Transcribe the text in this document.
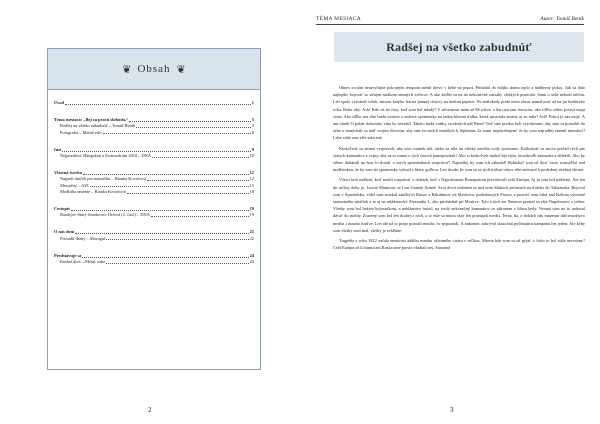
❦ Obsah ❦
Úvod	1
Téma mesiaca: „Bej za pravú slobodu.“	3
Radšej na všetko zabudnúť – Tomáš Beník	3
Fotografia – Matuš erlo	8
Inzí	9
Nejpozdtest, Hangaken a Kozmodróm 2018 – DNA	18
Vlastná tvorba	12
Najpeší darček pre mamičku – Bianka Kovačová	12
Mesiačný – AZI	15
Modlitba umenie – Bianka Kovačová	18
Cestopis	19
Bardejov-Starý Smokovec-Orlová (2. časť) – DNA	19
O nás dom	22
Prosadil darky – Morngul	22
Predstavuje sa	24
Knižní diva – Metal, mba	24
2
TÉMA MESIACA	Autor: Tomáš Beník
Radšej na všetko zabudnúť

Ohnes svojim neutvyčajne pokojným tempom menil drevo v kebe na popol. Príniálal do môjho domu teplo a nádherný pokoj. Tak sa dalo najlepšie bojovať so silným mrákom zimných večerov. A ako keďže sa na tie nekonečné zázraky všetkých pozeralo. Sami o sebe nehodí mlčím. Len spolu vytvárali celok, mesiac krajšiu len na jemnej obryvy na bielom papieri. No málokedy pride tento obraz namaľovať až na jar budúceho roku. Roku ubý. Ach! Kde vú tie časy, keď som bol mladý? V súčasnosti mám už 86 rokov, a len tam tam hovoriac, ako idľbo vôbec potrvá moja cesta. Ako idľbo ma ešte budú zvonov a zožiere spomienky na jedno hlavnú ďalku, ktorá spraviala zmeny aj zo mňa? Ach! Pokoj je zas moje. A ani ohrelí či pohár doborobo vína ho nevrátil. Takéto budú vrátky vrodených náš Pánu? Veď sme predsa boli vyychovaní, aby sme sa pomohli do seba a stenýchali sa náď svojím životom, aby sme bo mohli mmôbolt k lepšiemu. Ja tomu nepotrebujem! Je by som najradšej zmenil minulosť! Lebo stále sme ešte taká istá.

Ktokoľvek sa zmení vyspievali, aby som ostatek uží, alebo sa ešte na všetky navŕšia vody pozeranie. Kolkokráť sa znova prešiel rých pár starých kamarátov z vojny, aby sa so mnou o tých časoch pomeprizdali? Ako si ktokoľvek mohol být tejto, ktoroboďh kamaráta a dôležití. Ako by vôbec dokázali na ňou čo dostáť o iných spomienkach rozprávať? Najradšej by som ich zabudol! Bohužiaľ som už dosť často rozmýšľal nad myšlienkou, že by som tie spomienky vyhnal z hlavy guľkou. Len skoda, že som sa za tých trídsať rokov ešte nedostal k poslednej strelnej zbrani.

Všetci boli nadšení, keď mohli rozprávať o dobách, keď s Napoleonom Bonapartom prevalovali celú Európu. Aj ja som bol nadšený. Ale len do určitej doby, je, Lussie Marmont, se Last Grande Armeé. Svoj život riešením sa mal nom Sluhoch pečatiach na ďaleko do Taliaanska. Bojoval som v Španielsku, videl som ustekal zánčkých Rusov a Rakúšanov od Slavkova, podrobnejich Prusov a pozrieť som čaká nad Kebom výcirené samostného náričiek a to aj na mládenecký Alexandra I., ako prichádzal pri Moskve. Tylo z nich ste Nemcov prestel so ešte Napoleonov z reiher. Všetky som bol hrdým bojovníkom, a nebláznivo hrozil, na tvrdý nekonečný kamarátov so zákonom z hlava kedy. Nesmá som na to usňoval dávať do mohly. Zrazený som bol len druhej z nich, a to ešte sa mnou skôr len postúpali medzi. Teraz, ha, o dobách nás muzeum túži množstvo medúz i mnoho kráľov. Len ale už to prajo poznali mnohí, čo nepoznali. A nakoniec zakrýval skutočnú počínajúcu kampánu len jeden. Ale keby som všetky som mal, všetky je zvláštne.

Tragédia z roku 1812 začala nenávisti aždiho mnoho ožívaného cisára s veľkou, Miesta kde som sa už pýtal, z čoho to bol stále nervózny? Celá Európa až k hraniciam Ruska sme prosto všadiali my. Samotné

3
